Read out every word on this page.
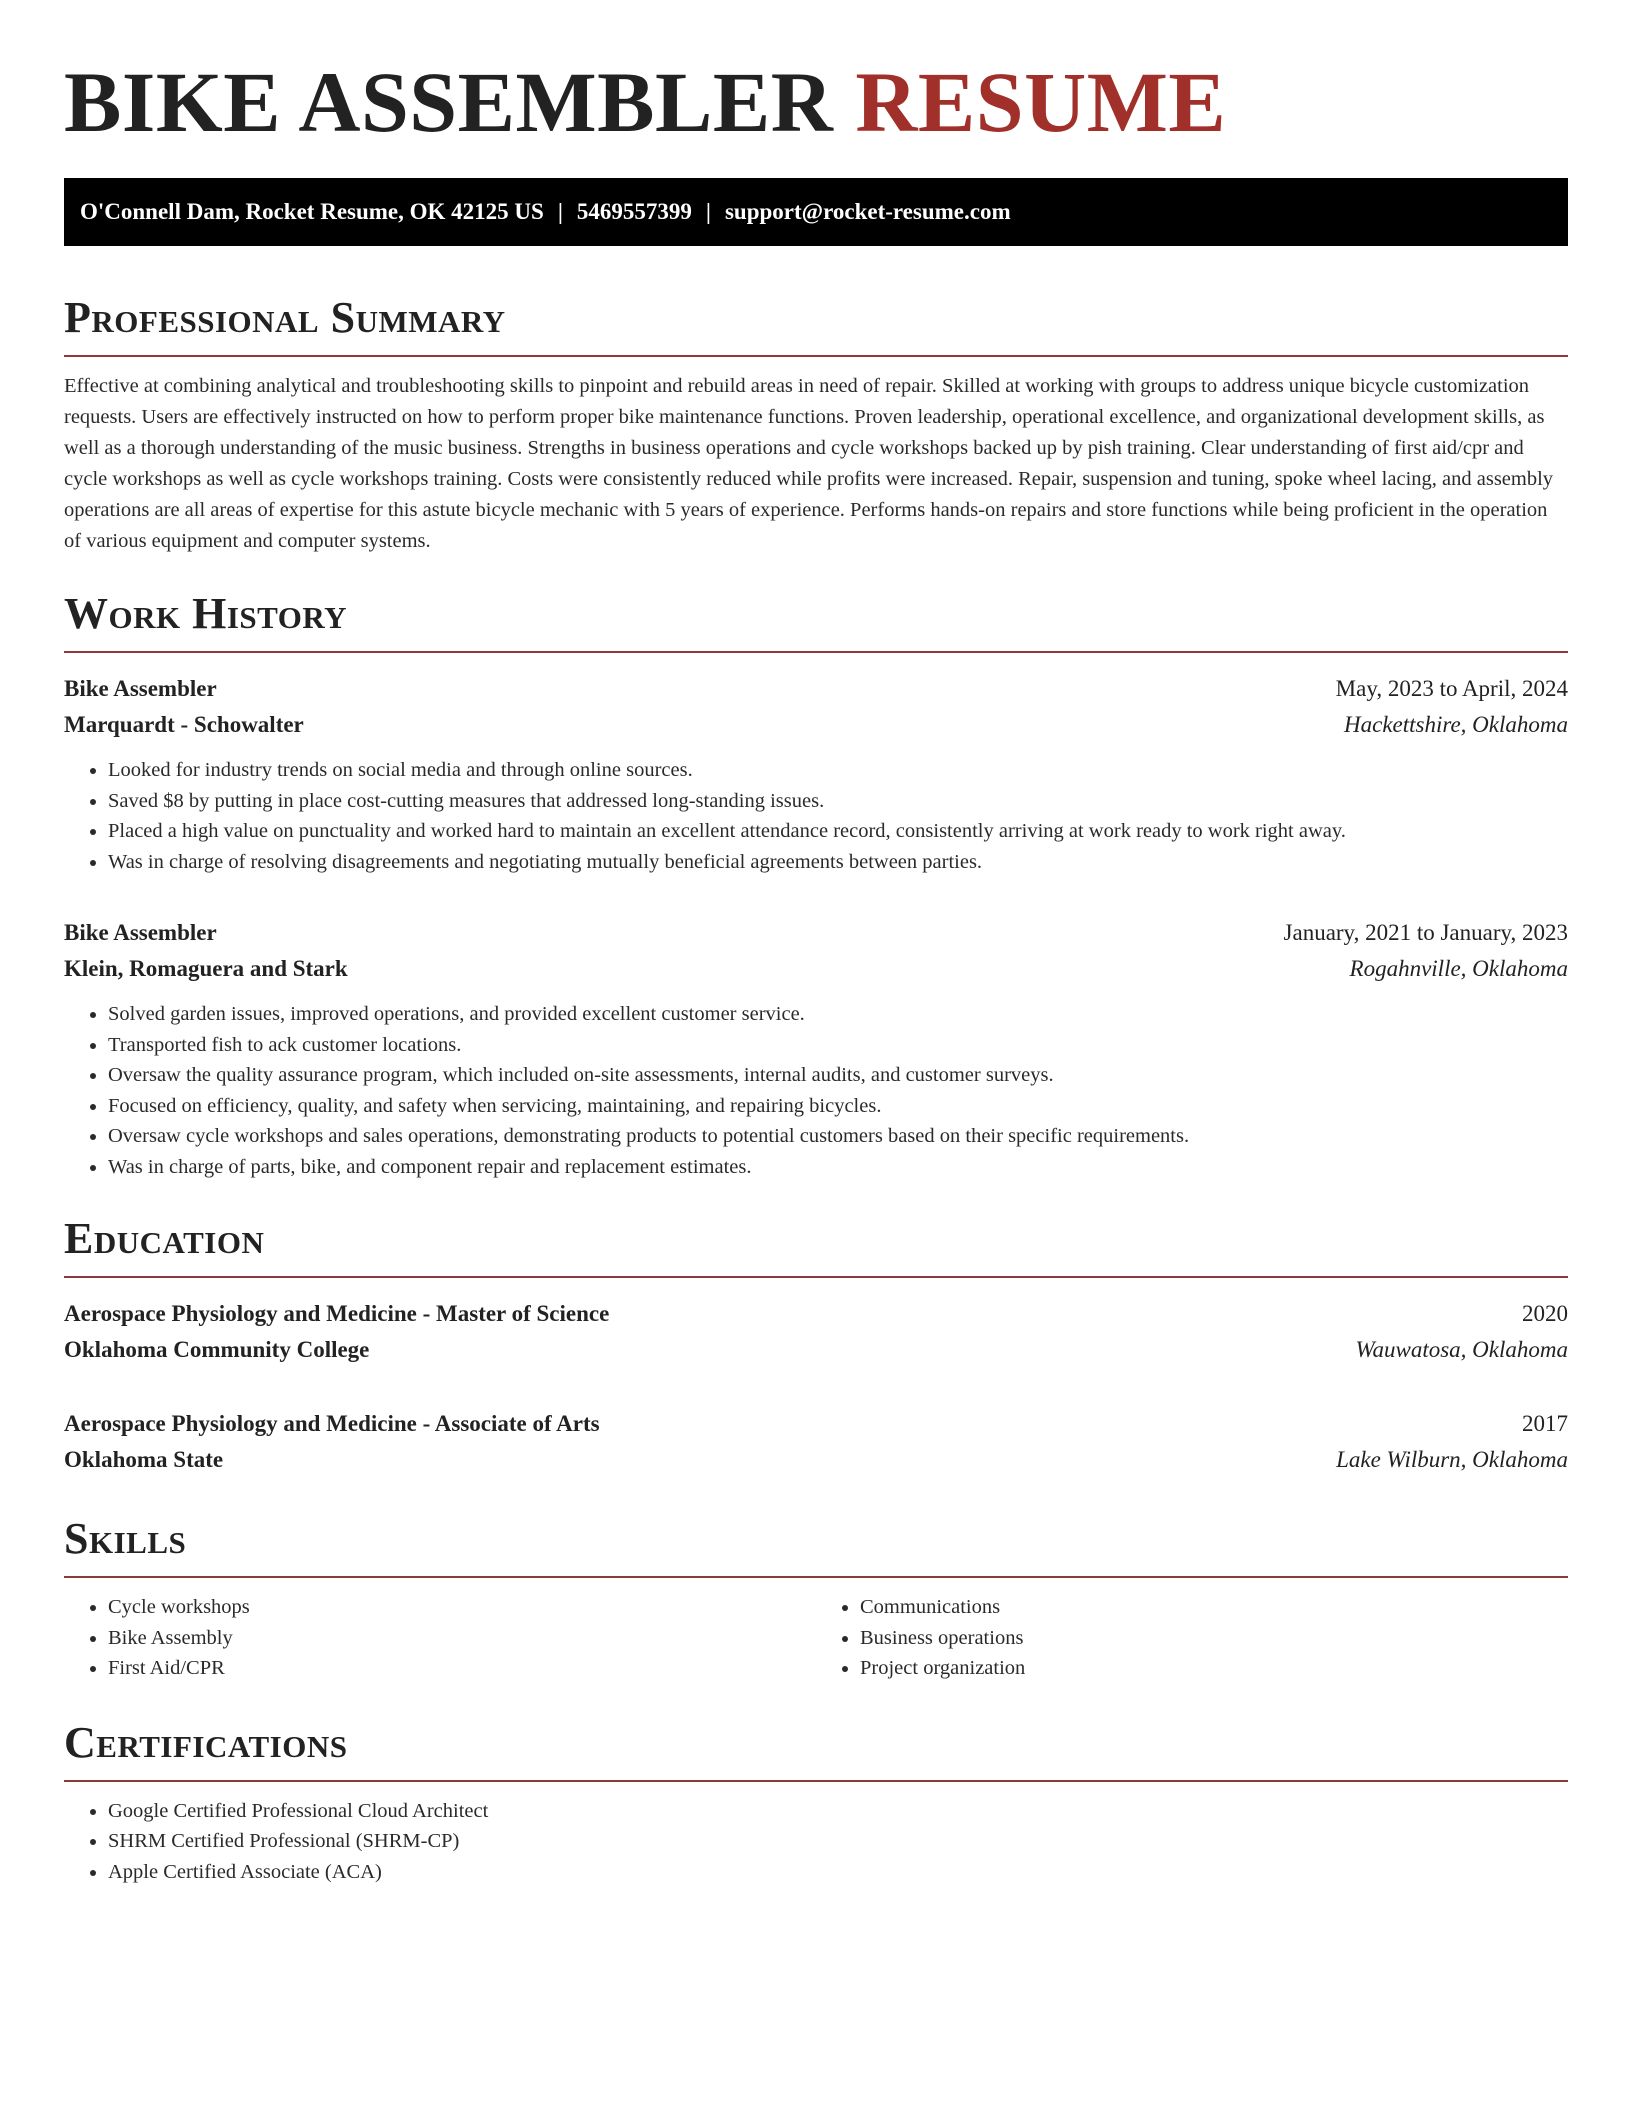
BIKE ASSEMBLER RESUME
O'Connell Dam, Rocket Resume, OK 42125 US | 5469557399 | support@rocket-resume.com
Professional Summary

Effective at combining analytical and troubleshooting skills to pinpoint and rebuild areas in need of repair. Skilled at working with groups to address unique bicycle customization requests. Users are effectively instructed on how to perform proper bike maintenance functions. Proven leadership, operational excellence, and organizational development skills, as well as a thorough understanding of the music business. Strengths in business operations and cycle workshops backed up by pish training. Clear understanding of first aid/cpr and cycle workshops as well as cycle workshops training. Costs were consistently reduced while profits were increased. Repair, suspension and tuning, spoke wheel lacing, and assembly operations are all areas of expertise for this astute bicycle mechanic with 5 years of experience. Performs hands-on repairs and store functions while being proficient in the operation of various equipment and computer systems.

Work History
Bike Assembler	May, 2023 to April, 2024
Marquardt - Schowalter	Hackettshire, Oklahoma
• Looked for industry trends on social media and through online sources.
• Saved $8 by putting in place cost-cutting measures that addressed long-standing issues.
• Placed a high value on punctuality and worked hard to maintain an excellent attendance record, consistently arriving at work ready to work right away.
• Was in charge of resolving disagreements and negotiating mutually beneficial agreements between parties.
Bike Assembler	January, 2021 to January, 2023
Klein, Romaguera and Stark	Rogahnville, Oklahoma
• Solved garden issues, improved operations, and provided excellent customer service.
• Transported fish to ack customer locations.
• Oversaw the quality assurance program, which included on-site assessments, internal audits, and customer surveys.
• Focused on efficiency, quality, and safety when servicing, maintaining, and repairing bicycles.
• Oversaw cycle workshops and sales operations, demonstrating products to potential customers based on their specific requirements.
• Was in charge of parts, bike, and component repair and replacement estimates.
Education
Aerospace Physiology and Medicine - Master of Science	2020
Oklahoma Community College	Wauwatosa, Oklahoma
Aerospace Physiology and Medicine - Associate of Arts	2017
Oklahoma State	Lake Wilburn, Oklahoma
Skills
• Cycle workshops
• Bike Assembly
• First Aid/CPR
• Communications
• Business operations
• Project organization
Certifications
• Google Certified Professional Cloud Architect
• SHRM Certified Professional (SHRM-CP)
• Apple Certified Associate (ACA)
